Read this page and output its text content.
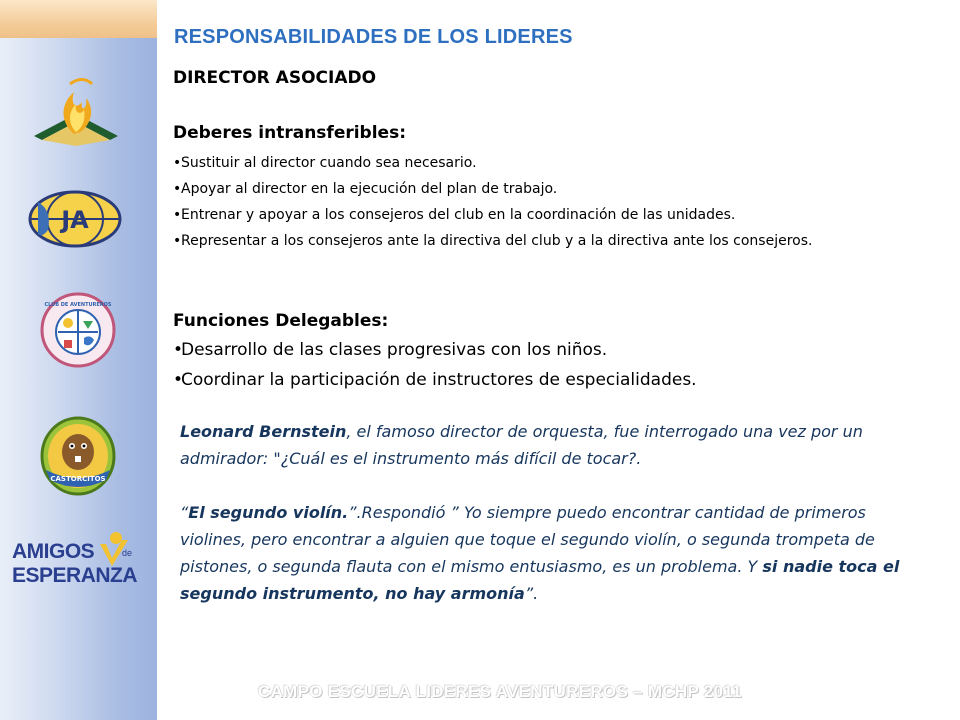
JA
CLUB DE AVENTUREROS
CASTORCITOS
AMIGOS	de
ESPERANZA
RESPONSABILIDADES DE LOS LIDERES
DIRECTOR ASOCIADO
Deberes intransferibles:
•Sustituir al director cuando sea necesario.
•Apoyar al director en la ejecución del plan de trabajo.
•Entrenar y apoyar a los consejeros del club en la coordinación de las unidades.
•Representar a los consejeros ante la directiva del club y a la directiva ante los consejeros.
Funciones Delegables:
•Desarrollo de las clases progresivas con los niños.
•Coordinar la participación de instructores de especialidades.

Leonard Bernstein, el famoso director de orquesta, fue interrogado una vez por un admirador: "¿Cuál es el instrumento más difícil de tocar?.

“El segundo violín.”.Respondió ” Yo siempre puedo encontrar cantidad de primeros violines, pero encontrar a alguien que toque el segundo violín, o segunda trompeta de pistones, o segunda flauta con el mismo entusiasmo, es un problema. Y si nadie toca el segundo instrumento, no hay armonía”.

CAMPO ESCUELA LIDERES AVENTUREROS – MCHP 2011
